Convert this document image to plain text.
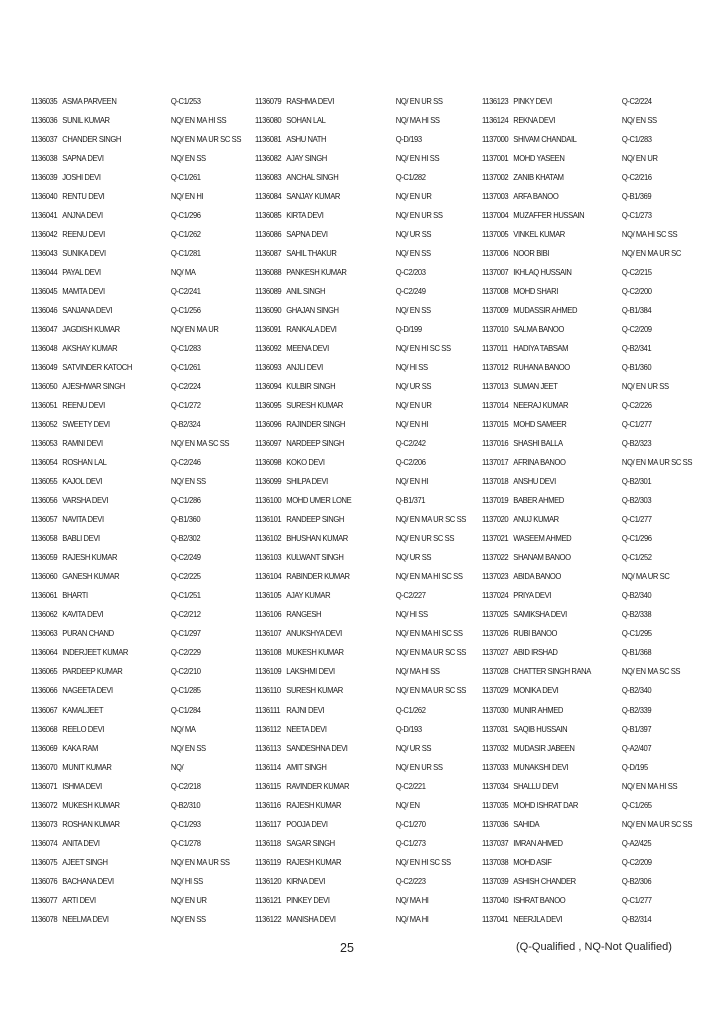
1136035 ASMA PARVEEN	Q-C1/253
1136036 SUNIL KUMAR	NQ/ EN MA HI SS
1136037 CHANDER SINGH	NQ/ EN MA UR SC SS
1136038 SAPNA DEVI	NQ/ EN SS
1136039 JOSHI DEVI	Q-C1/261
1136040 RENTU DEVI	NQ/ EN HI
1136041 ANJNA DEVI	Q-C1/296
1136042 REENU DEVI	Q-C1/262
1136043 SUNIKA DEVI	Q-C1/281
1136044 PAYAL DEVI	NQ/ MA
1136045 MAMTA DEVI	Q-C2/241
1136046 SANJANA DEVI	Q-C1/256
1136047 JAGDISH KUMAR	NQ/ EN MA UR
1136048 AKSHAY KUMAR	Q-C1/283
1136049 SATVINDER KATOCH	Q-C1/261
1136050 AJESHWAR SINGH	Q-C2/224
1136051 REENU DEVI	Q-C1/272
1136052 SWEETY DEVI	Q-B2/324
1136053 RAMNI DEVI	NQ/ EN MA SC SS
1136054 ROSHAN LAL	Q-C2/246
1136055 KAJOL DEVI	NQ/ EN SS
1136056 VARSHA DEVI	Q-C1/286
1136057 NAVITA DEVI	Q-B1/360
1136058 BABLI DEVI	Q-B2/302
1136059 RAJESH KUMAR	Q-C2/249
1136060 GANESH KUMAR	Q-C2/225
1136061 BHARTI	Q-C1/251
1136062 KAVITA DEVI	Q-C2/212
1136063 PURAN CHAND	Q-C1/297
1136064 INDERJEET KUMAR	Q-C2/229
1136065 PARDEEP KUMAR	Q-C2/210
1136066 NAGEETA DEVI	Q-C1/285
1136067 KAMALJEET	Q-C1/284
1136068 REELO DEVI	NQ/ MA
1136069 KAKA RAM	NQ/ EN SS
1136070 MUNIT KUMAR	NQ/
1136071 ISHMA DEVI	Q-C2/218
1136072 MUKESH KUMAR	Q-B2/310
1136073 ROSHAN KUMAR	Q-C1/293
1136074 ANITA DEVI	Q-C1/278
1136075 AJEET SINGH	NQ/ EN MA UR SS
1136076 BACHANA DEVI	NQ/ HI SS
1136077 ARTI DEVI	NQ/ EN UR
1136078 NEELMA DEVI	NQ/ EN SS
1136079 RASHMA DEVI	NQ/ EN UR SS
1136080 SOHAN LAL	NQ/ MA HI SS
1136081 ASHU NATH	Q-D/193
1136082 AJAY SINGH	NQ/ EN HI SS
1136083 ANCHAL SINGH	Q-C1/282
1136084 SANJAY KUMAR	NQ/ EN UR
1136085 KIRTA DEVI	NQ/ EN UR SS
1136086 SAPNA DEVI	NQ/ UR SS
1136087 SAHIL THAKUR	NQ/ EN SS
1136088 PANKESH KUMAR	Q-C2/203
1136089 ANIL SINGH	Q-C2/249
1136090 GHAJAN SINGH	NQ/ EN SS
1136091 RANKALA DEVI	Q-D/199
1136092 MEENA DEVI	NQ/ EN HI SC SS
1136093 ANJLI DEVI	NQ/ HI SS
1136094 KULBIR SINGH	NQ/ UR SS
1136095 SURESH KUMAR	NQ/ EN UR
1136096 RAJINDER SINGH	NQ/ EN HI
1136097 NARDEEP SINGH	Q-C2/242
1136098 KOKO DEVI	Q-C2/206
1136099 SHILPA DEVI	NQ/ EN HI
1136100 MOHD UMER LONE	Q-B1/371
1136101 RANDEEP SINGH	NQ/ EN MA UR SC SS
1136102 BHUSHAN KUMAR	NQ/ EN UR SC SS
1136103 KULWANT SINGH	NQ/ UR SS
1136104 RABINDER KUMAR	NQ/ EN MA HI SC SS
1136105 AJAY KUMAR	Q-C2/227
1136106 RANGESH	NQ/ HI SS
1136107 ANUKSHYA DEVI	NQ/ EN MA HI SC SS
1136108 MUKESH KUMAR	NQ/ EN MA UR SC SS
1136109 LAKSHMI DEVI	NQ/ MA HI SS
1136110 SURESH KUMAR	NQ/ EN MA UR SC SS
1136111 RAJNI DEVI	Q-C1/262
1136112 NEETA DEVI	Q-D/193
1136113 SANDESHNA DEVI	NQ/ UR SS
1136114 AMIT SINGH	NQ/ EN UR SS
1136115 RAVINDER KUMAR	Q-C2/221
1136116 RAJESH KUMAR	NQ/ EN
1136117 POOJA DEVI	Q-C1/270
1136118 SAGAR SINGH	Q-C1/273
1136119 RAJESH KUMAR	NQ/ EN HI SC SS
1136120 KIRNA DEVI	Q-C2/223
1136121 PINKEY DEVI	NQ/ MA HI
1136122 MANISHA DEVI	NQ/ MA HI
1136123 PINKY DEVI	Q-C2/224
1136124 REKNA DEVI	NQ/ EN SS
1137000 SHIVAM CHANDAIL	Q-C1/283
1137001 MOHD YASEEN	NQ/ EN UR
1137002 ZANIB KHATAM	Q-C2/216
1137003 ARFA BANOO	Q-B1/369
1137004 MUZAFFER HUSSAIN	Q-C1/273
1137005 VINKEL KUMAR	NQ/ MA HI SC SS
1137006 NOOR BIBI	NQ/ EN MA UR SC
1137007 IKHLAQ HUSSAIN	Q-C2/215
1137008 MOHD SHARI	Q-C2/200
1137009 MUDASSIR AHMED	Q-B1/384
1137010 SALMA BANOO	Q-C2/209
1137011 HADIYA TABSAM	Q-B2/341
1137012 RUHANA BANOO	Q-B1/360
1137013 SUMAN JEET	NQ/ EN UR SS
1137014 NEERAJ KUMAR	Q-C2/226
1137015 MOHD SAMEER	Q-C1/277
1137016 SHASHI BALLA	Q-B2/323
1137017 AFRINA BANOO	NQ/ EN MA UR SC SS
1137018 ANSHU DEVI	Q-B2/301
1137019 BABER AHMED	Q-B2/303
1137020 ANUJ KUMAR	Q-C1/277
1137021 WASEEM AHMED	Q-C1/296
1137022 SHANAM BANOO	Q-C1/252
1137023 ABIDA BANOO	NQ/ MA UR SC
1137024 PRIYA DEVI	Q-B2/340
1137025 SAMIKSHA DEVI	Q-B2/338
1137026 RUBI BANOO	Q-C1/295
1137027 ABID IRSHAD	Q-B1/368
1137028 CHATTER SINGH RANA	NQ/ EN MA SC SS
1137029 MONIKA DEVI	Q-B2/340
1137030 MUNIR AHMED	Q-B2/339
1137031 SAQIB HUSSAIN	Q-B1/397
1137032 MUDASIR JABEEN	Q-A2/407
1137033 MUNAKSHI DEVI	Q-D/195
1137034 SHALLU DEVI	NQ/ EN MA HI SS
1137035 MOHD ISHRAT DAR	Q-C1/265
1137036 SAHIDA	NQ/ EN MA UR SC SS
1137037 IMRAN AHMED	Q-A2/425
1137038 MOHD ASIF	Q-C2/209
1137039 ASHISH CHANDER	Q-B2/306
1137040 ISHRAT BANOO	Q-C1/277
1137041 NEERJLA DEVI	Q-B2/314
25	(Q-Qualified , NQ-Not Qualified)
